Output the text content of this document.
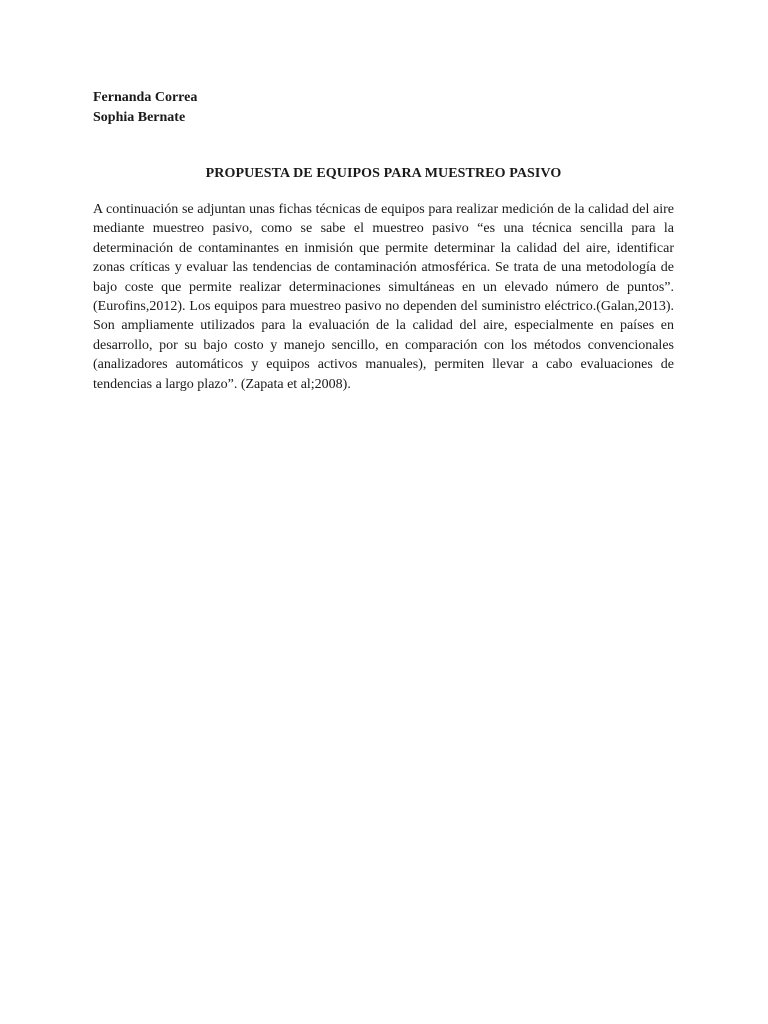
Fernanda Correa
Sophia Bernate
PROPUESTA DE EQUIPOS PARA MUESTREO PASIVO
A continuación se adjuntan unas fichas técnicas de equipos para realizar medición de la calidad del aire mediante muestreo pasivo, como se sabe el muestreo pasivo “es una técnica sencilla para la determinación de contaminantes en inmisión que permite determinar la calidad del aire, identificar zonas críticas y evaluar las tendencias de contaminación atmosférica. Se trata de una metodología de bajo coste que permite realizar determinaciones simultáneas en un elevado número de puntos”.(Eurofins,2012). Los equipos para muestreo pasivo no dependen del suministro eléctrico.(Galan,2013). Son ampliamente utilizados para la evaluación de la calidad del aire, especialmente en países en desarrollo, por su bajo costo y manejo sencillo, en comparación con los métodos convencionales (analizadores automáticos y equipos activos manuales), permiten llevar a cabo evaluaciones de tendencias a largo plazo”. (Zapata et al;2008).
